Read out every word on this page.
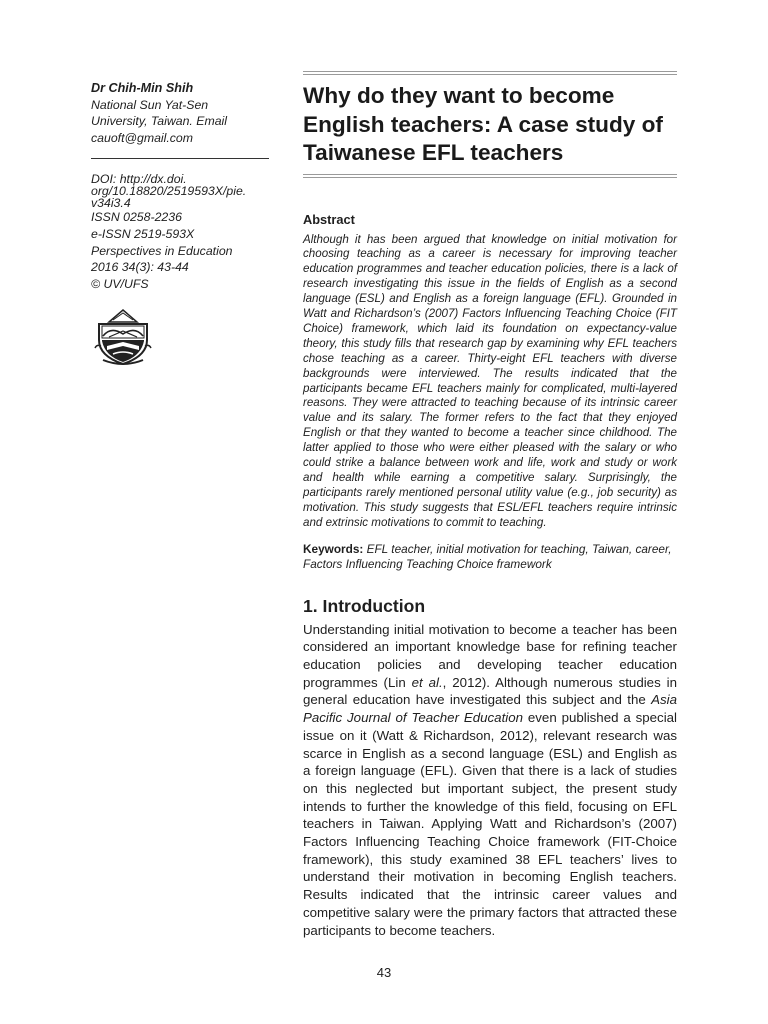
Dr Chih-Min Shih
National Sun Yat-Sen
University, Taiwan. Email
cauoft@gmail.com
DOI: http://dx.doi.
org/10.18820/2519593X/pie.
v34i3.4
ISSN 0258-2236
e-ISSN 2519-593X
Perspectives in Education
2016 34(3): 43-44
© UV/UFS
Why do they want to become English teachers: A case study of Taiwanese EFL teachers
Abstract

Although it has been argued that knowledge on initial motivation for choosing teaching as a career is necessary for improving teacher education programmes and teacher education policies, there is a lack of research investigating this issue in the fields of English as a second language (ESL) and English as a foreign language (EFL). Grounded in Watt and Richardson’s (2007) Factors Influencing Teaching Choice (FIT Choice) framework, which laid its foundation on expectancy-value theory, this study fills that research gap by examining why EFL teachers chose teaching as a career. Thirty-eight EFL teachers with diverse backgrounds were interviewed. The results indicated that the participants became EFL teachers mainly for complicated, multi-layered reasons. They were attracted to teaching because of its intrinsic career value and its salary. The former refers to the fact that they enjoyed English or that they wanted to become a teacher since childhood. The latter applied to those who were either pleased with the salary or who could strike a balance between work and life, work and study or work and health while earning a competitive salary. Surprisingly, the participants rarely mentioned personal utility value (e.g., job security) as motivation. This study suggests that ESL/EFL teachers require intrinsic and extrinsic motivations to commit to teaching.

Keywords: EFL teacher, initial motivation for teaching, Taiwan, career, Factors Influencing Teaching Choice framework
1. Introduction

Understanding initial motivation to become a teacher has been considered an important knowledge base for refining teacher education policies and developing teacher education programmes (Lin et al., 2012). Although numerous studies in general education have investigated this subject and the Asia Pacific Journal of Teacher Education even published a special issue on it (Watt & Richardson, 2012), relevant research was scarce in English as a second language (ESL) and English as a foreign language (EFL). Given that there is a lack of studies on this neglected but important subject, the present study intends to further the knowledge of this field, focusing on EFL teachers in Taiwan. Applying Watt and Richardson’s (2007) Factors Influencing Teaching Choice framework (FIT-Choice framework), this study examined 38 EFL teachers’ lives to understand their motivation in becoming English teachers. Results indicated that the intrinsic career values and competitive salary were the primary factors that attracted these participants to become teachers.

43
